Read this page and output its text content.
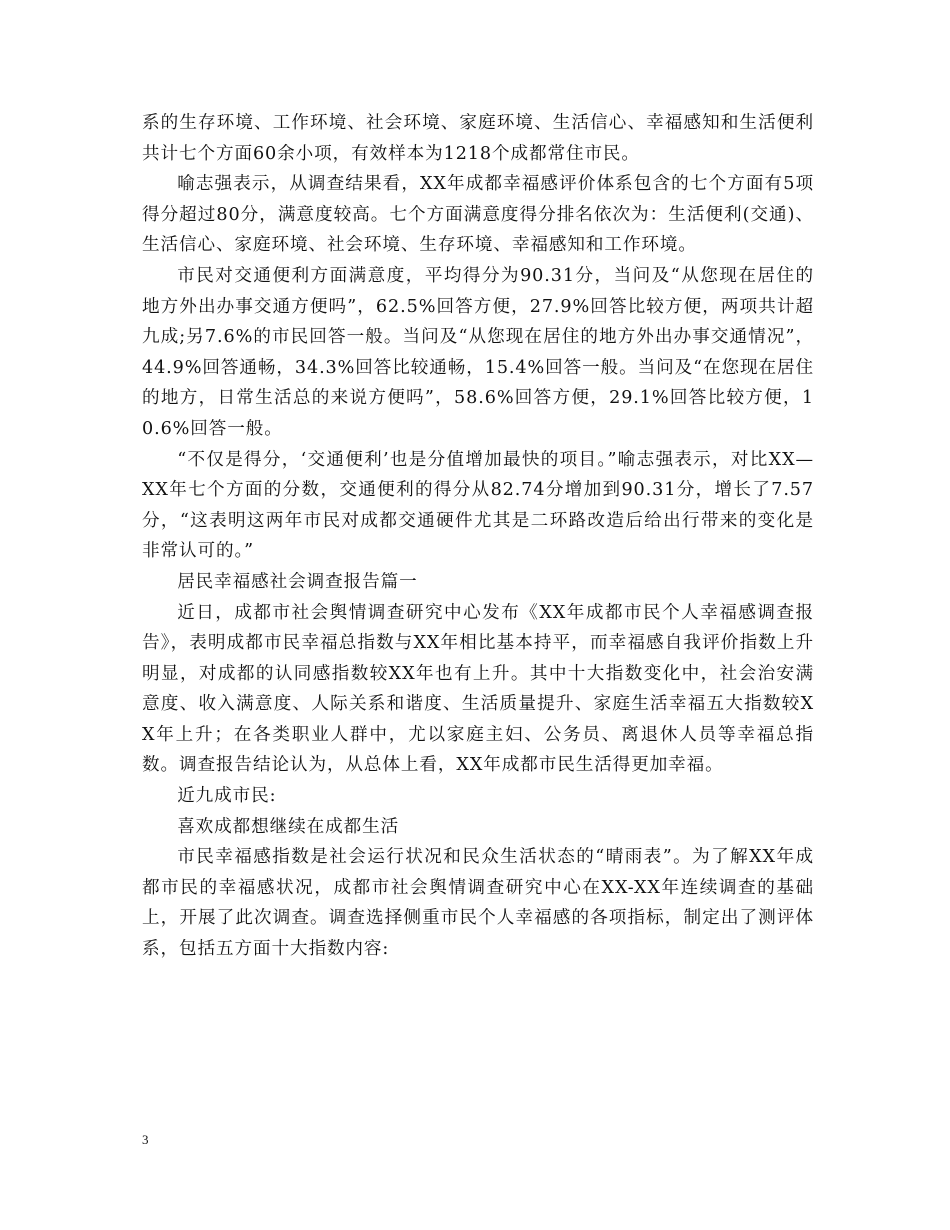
系的生存环境、工作环境、社会环境、家庭环境、生活信心、幸福感知和生活便利共计七个方面60余小项，有效样本为1218个成都常住市民。

喻志强表示，从调查结果看，XX年成都幸福感评价体系包含的七个方面有5项得分超过80分，满意度较高。七个方面满意度得分排名依次为：生活便利(交通)、生活信心、家庭环境、社会环境、生存环境、幸福感知和工作环境。

市民对交通便利方面满意度，平均得分为90.31分，当问及“从您现在居住的地方外出办事交通方便吗”，62.5%回答方便，27.9%回答比较方便，两项共计超九成;另7.6%的市民回答一般。当问及“从您现在居住的地方外出办事交通情况”，44.9%回答通畅，34.3%回答比较通畅，15.4%回答一般。当问及“在您现在居住的地方，日常生活总的来说方便吗”，58.6%回答方便，29.1%回答比较方便，10.6%回答一般。

“不仅是得分，‘交通便利’也是分值增加最快的项目。”喻志强表示，对比XX—XX年七个方面的分数，交通便利的得分从82.74分增加到90.31分，增长了7.57分，“这表明这两年市民对成都交通硬件尤其是二环路改造后给出行带来的变化是非常认可的。”

居民幸福感社会调查报告篇一

近日，成都市社会舆情调查研究中心发布《XX年成都市民个人幸福感调查报告》，表明成都市民幸福总指数与XX年相比基本持平，而幸福感自我评价指数上升明显，对成都的认同感指数较XX年也有上升。其中十大指数变化中，社会治安满意度、收入满意度、人际关系和谐度、生活质量提升、家庭生活幸福五大指数较XX年上升；在各类职业人群中，尤以家庭主妇、公务员、离退休人员等幸福总指数。调查报告结论认为，从总体上看，XX年成都市民生活得更加幸福。

近九成市民:

喜欢成都想继续在成都生活

市民幸福感指数是社会运行状况和民众生活状态的“晴雨表”。为了解XX年成都市民的幸福感状况，成都市社会舆情调查研究中心在XX-XX年连续调查的基础上，开展了此次调查。调查选择侧重市民个人幸福感的各项指标，制定出了测评体系，包括五方面十大指数内容:

3
